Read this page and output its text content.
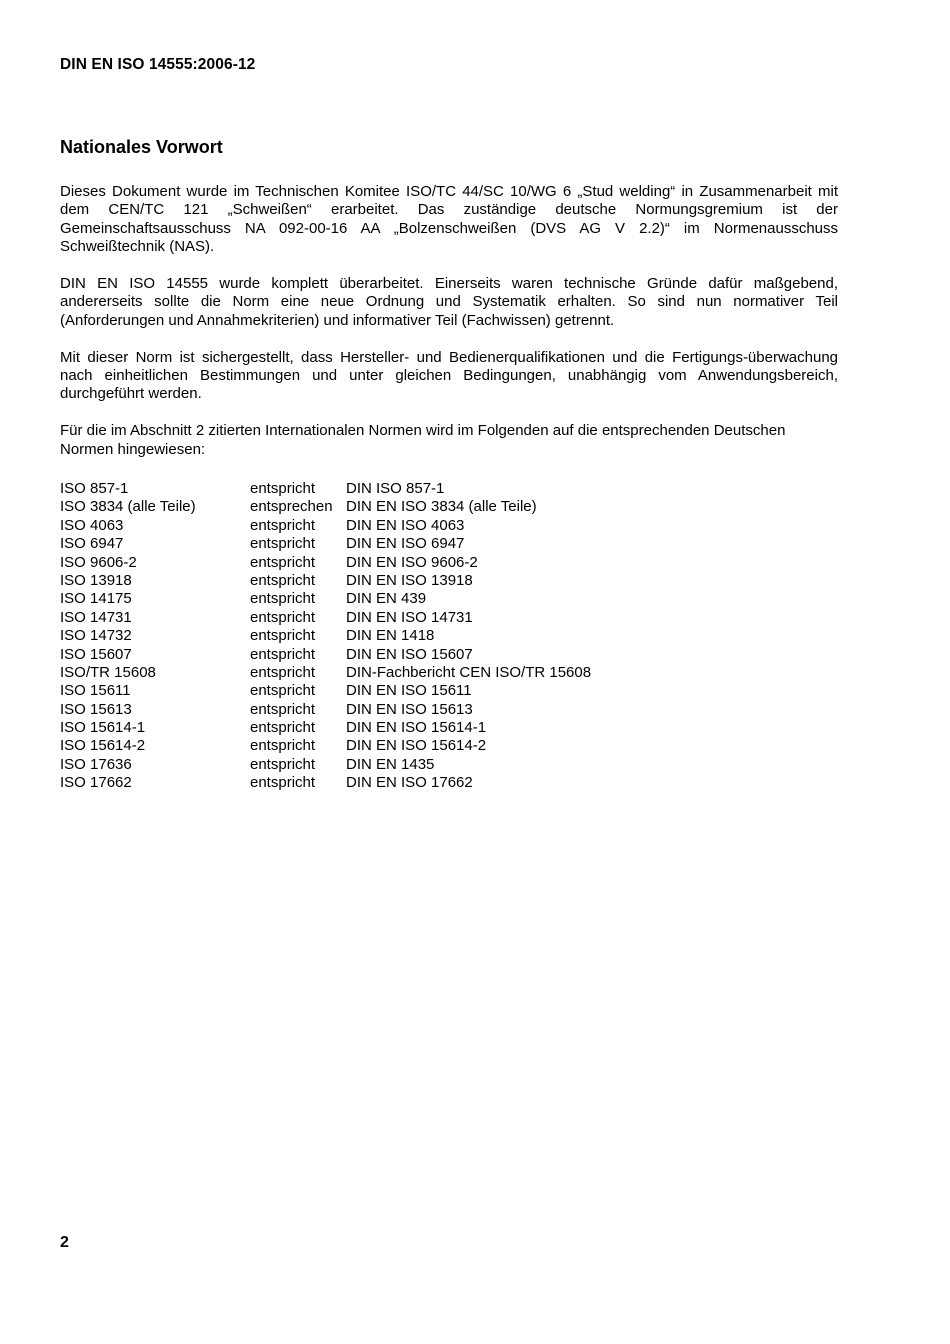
DIN EN ISO 14555:2006-12
Nationales Vorwort

Dieses Dokument wurde im Technischen Komitee ISO/TC 44/SC 10/WG 6 „Stud welding“ in Zusammenarbeit mit dem CEN/TC 121 „Schweißen“ erarbeitet. Das zuständige deutsche Normungsgremium ist der Gemeinschaftsausschuss NA 092-00-16 AA „Bolzenschweißen (DVS AG V 2.2)“ im Normenausschuss Schweißtechnik (NAS).

DIN EN ISO 14555 wurde komplett überarbeitet. Einerseits waren technische Gründe dafür maßgebend, andererseits sollte die Norm eine neue Ordnung und Systematik erhalten. So sind nun normativer Teil (Anforderungen und Annahmekriterien) und informativer Teil (Fachwissen) getrennt.

Mit dieser Norm ist sichergestellt, dass Hersteller- und Bedienerqualifikationen und die Fertigungs-überwachung nach einheitlichen Bestimmungen und unter gleichen Bedingungen, unabhängig vom Anwendungsbereich, durchgeführt werden.

Für die im Abschnitt 2 zitierten Internationalen Normen wird im Folgenden auf die entsprechenden Deutschen Normen hingewiesen:

ISO 857-1	entspricht	DIN ISO 857-1
ISO 3834 (alle Teile)	entsprechen DIN EN ISO 3834 (alle Teile)
ISO 4063	entspricht	DIN EN ISO 4063
ISO 6947	entspricht	DIN EN ISO 6947
ISO 9606-2	entspricht	DIN EN ISO 9606-2
ISO 13918	entspricht	DIN EN ISO 13918
ISO 14175	entspricht	DIN EN 439
ISO 14731	entspricht	DIN EN ISO 14731
ISO 14732	entspricht	DIN EN 1418
ISO 15607	entspricht	DIN EN ISO 15607
ISO/TR 15608	entspricht	DIN-Fachbericht CEN ISO/TR 15608
ISO 15611	entspricht	DIN EN ISO 15611
ISO 15613	entspricht	DIN EN ISO 15613
ISO 15614-1	entspricht	DIN EN ISO 15614-1
ISO 15614-2	entspricht	DIN EN ISO 15614-2
ISO 17636	entspricht	DIN EN 1435
ISO 17662	entspricht	DIN EN ISO 17662
2
